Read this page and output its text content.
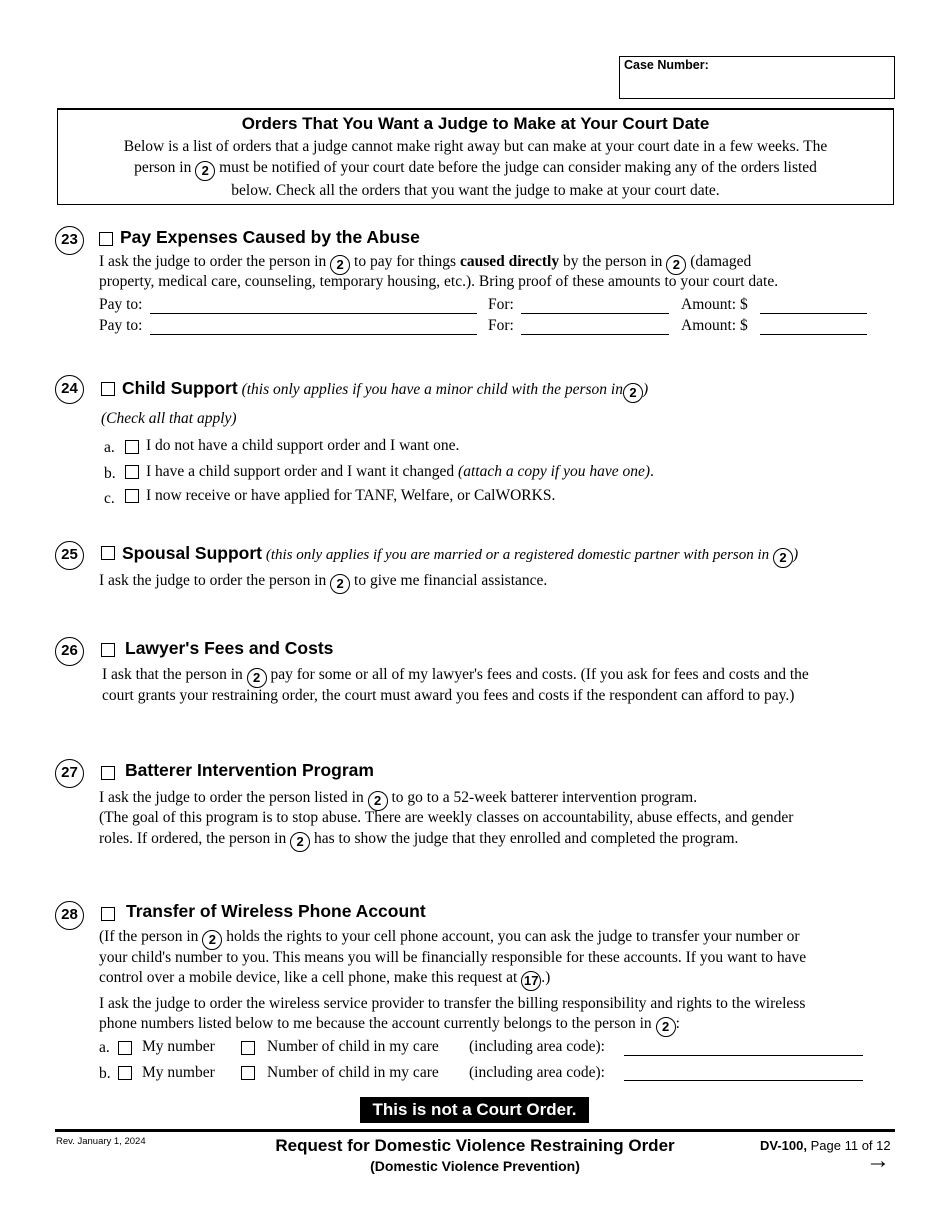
Case Number:
Orders That You Want a Judge to Make at Your Court Date
Below is a list of orders that a judge cannot make right away but can make at your court date in a few weeks. The
person in 2 must be notified of your court date before the judge can consider making any of the orders listed
below. Check all the orders that you want the judge to make at your court date.
23	Pay Expenses Caused by the Abuse
I ask the judge to order the person in 2 to pay for things caused directly by the person in 2 (damaged
property, medical care, counseling, temporary housing, etc.). Bring proof of these amounts to your court date.
Pay to:	For:	Amount: $
Pay to:	For:	Amount: $
24	Child Support (this only applies if you have a minor child with the person in 2 )
(Check all that apply)
a. I do not have a child support order and I want one.
b. I have a child support order and I want it changed (attach a copy if you have one).
c. I now receive or have applied for TANF, Welfare, or CalWORKS.
25	Spousal Support (this only applies if you are married or a registered domestic partner with person in 2 )
I ask the judge to order the person in 2 to give me financial assistance.
26	Lawyer's Fees and Costs
I ask that the person in 2 pay for some or all of my lawyer's fees and costs. (If you ask for fees and costs and the
court grants your restraining order, the court must award you fees and costs if the respondent can afford to pay.)
27	Batterer Intervention Program
I ask the judge to order the person listed in 2 to go to a 52-week batterer intervention program.
(The goal of this program is to stop abuse. There are weekly classes on accountability, abuse effects, and gender
roles. If ordered, the person in 2 has to show the judge that they enrolled and completed the program.
28	Transfer of Wireless Phone Account
(If the person in 2 holds the rights to your cell phone account, you can ask the judge to transfer your number or
your child's number to you. This means you will be financially responsible for these accounts. If you want to have
control over a mobile device, like a cell phone, make this request at 17 .)
I ask the judge to order the wireless service provider to transfer the billing responsibility and rights to the wireless
phone numbers listed below to me because the account currently belongs to the person in 2 :
a. My number	Number of child in my care (including area code):
b. My number	Number of child in my care (including area code):
This is not a Court Order.
Rev. January 1, 2024	Request for Domestic Violence Restraining Order
(Domestic Violence Prevention)
DV-100, Page 11 of 12
→
